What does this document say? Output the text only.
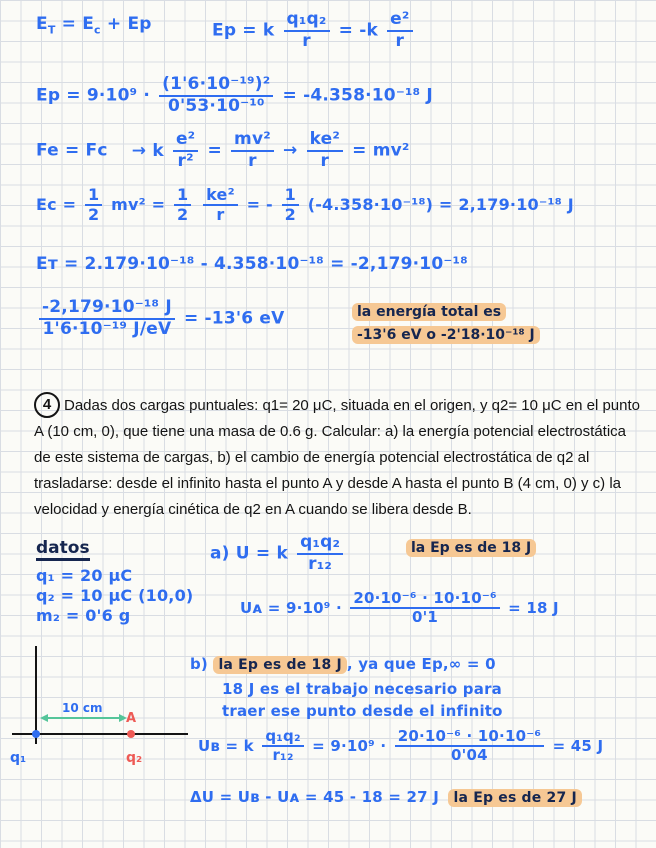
$E_T = E_c + Ep$	Ep = k $\frac{\text{q₁q₂}}{r} = -k \frac{\text{e²}}{r}$
$Ep = 9\cdot 10^9 \cdot \frac{\text{(1'6·10⁻¹⁹)²}}{\text{0'53·10⁻¹⁰}} = -4.358\cdot 10^{-18}$ J
Fe = Fc → k $\frac{\text{e²}}{\text{r²}} = \frac{\text{mv²}}{r} \to \frac{\text{ke²}}{r} = mv^2$
$Ec = \frac{1}{2} mv^2 = \frac{1}{2}$
$\frac{\text{ke²}}{r}$ = - $\frac{1}{2} (-4.358\cdot 10^{-18}) = 2,179\cdot 10^{-18}$ J
Eт = 2.179·10⁻¹⁸ - 4.358·10⁻¹⁸ = -2,179·10⁻¹⁸
$\frac{\text{-2,179·10⁻¹⁸ J}}{\text{1'6·10⁻¹⁹ J/eV}} = -13'6$ eV	la energía total es
-13'6 eV o -2'18·10⁻¹⁸ J
4 Dadas dos cargas puntuales: q1= 20 μC, situada en el origen, y q2= 10 μC en el punto A (10 cm, 0), que tiene una masa de 0.6 g. Calcular: a) la energía potencial electrostática de este sistema de cargas, b) el cambio de energía potencial electrostática de q2 al trasladarse: desde el infinito hasta el punto A y desde A hasta el punto B (4 cm, 0) y c) la velocidad y energía cinética de q2 en A cuando se libera desde B.
datos
q₁ = 20 μC
q₂ = 10 μC (10,0)
m₂ = 0'6 g
10 cm
A
q₁	q₂
a) U = k $\frac{\text{q₁q₂}}{\text{r₁₂}}$	la Ep es de 18 J
Uᴀ = $9\cdot 10^9 \cdot \frac{\text{20·10⁻⁶ · 10·10⁻⁶}}{0'1} = 18$ J
b) la Ep es de 18 J , ya que Ep,∞ = 0
18 J es el trabajo necesario para
traer ese punto desde el infinito
Uв = k $\frac{\text{q₁q₂}}{\text{r₁₂}} = 9\cdot 10^9 \cdot \frac{\text{20·10⁻⁶ · 10·10⁻⁶}}{0'04} = 45$ J
ΔU = Uв - Uᴀ = 45 - 18 = 27 J la Ep es de 27 J
